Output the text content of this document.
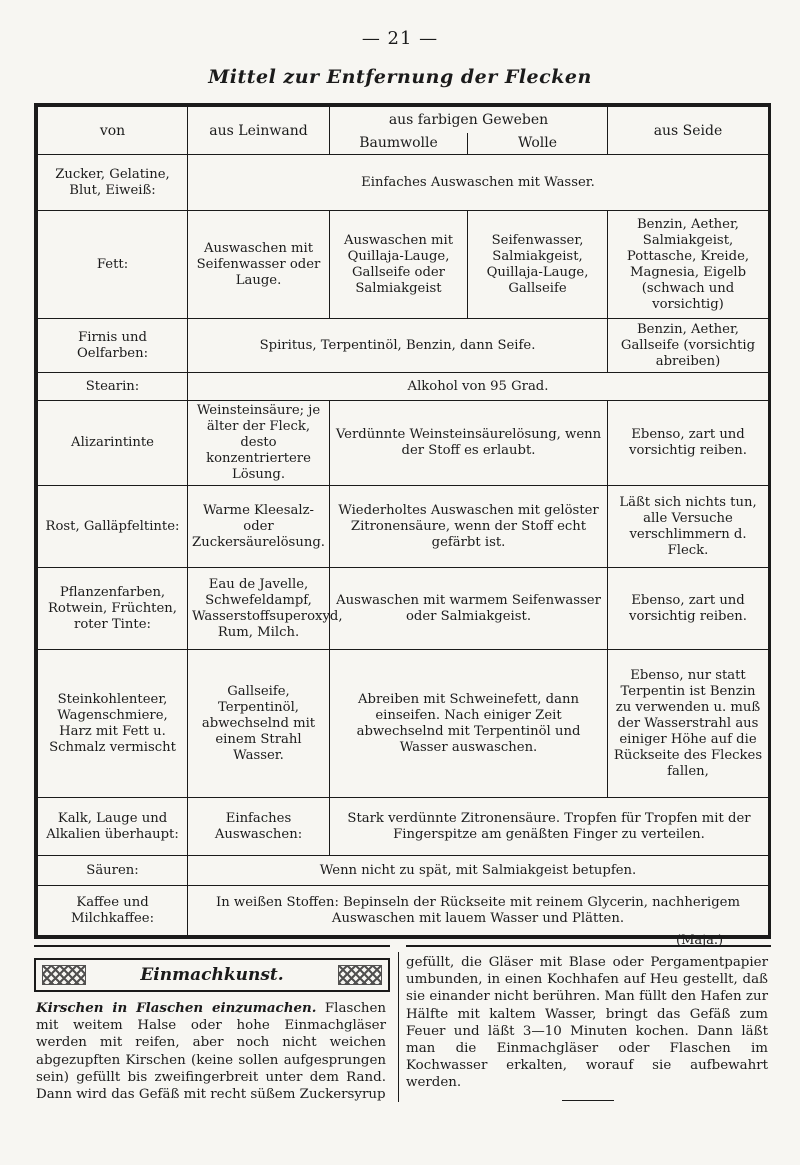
— 21 —
Mittel zur Entfernung der Flecken
von	aus Leinwand	aus farbigen Geweben		aus Seide
		Baumwolle	Wolle	
Zucker, Gelatine, Blut, Eiweiß:	Einfaches Auswaschen mit Wasser.			
Fett:	Auswaschen mit Seifenwasser oder Lauge.	Auswaschen mit Quillaja-Lauge, Gallseife oder Salmiakgeist	Seifenwasser, Salmiakgeist, Quillaja-Lauge, Gallseife	Benzin, Aether, Salmiakgeist, Pottasche, Kreide, Magnesia, Eigelb (schwach und vorsichtig)
Firnis und Oelfarben:	Spiritus, Terpentinöl, Benzin, dann Seife.			Benzin, Aether, Gallseife (vorsichtig abreiben)
Stearin:	Alkohol von 95 Grad.			
Alizarintinte	Weinsteinsäure; je älter der Fleck, desto konzentriertere Lösung.	Verdünnte Weinsteinsäurelösung, wenn der Stoff es erlaubt.		Ebenso, zart und vorsichtig reiben.
Rost, Galläpfeltinte:	Warme Kleesalz- oder Zuckersäurelösung.	Wiederholtes Auswaschen mit gelöster Zitronensäure, wenn der Stoff echt gefärbt ist.		Läßt sich nichts tun, alle Versuche verschlimmern d. Fleck.
Pflanzenfarben, Rotwein, Früchten, roter Tinte:	Eau de Javelle, Schwefeldampf, Wasserstoffsuperoxyd, Rum, Milch.	Auswaschen mit warmem Seifenwasser oder Salmiakgeist.		Ebenso, zart und vorsichtig reiben.
Steinkohlenteer, Wagenschmiere, Harz mit Fett u. Schmalz vermischt	Gallseife, Terpentinöl, abwechselnd mit einem Strahl Wasser.	Abreiben mit Schweinefett, dann einseifen. Nach einiger Zeit abwechselnd mit Terpentinöl und Wasser auswaschen.		Ebenso, nur statt Terpentin ist Benzin zu verwenden u. muß der Wasserstrahl aus einiger Höhe auf die Rückseite des Fleckes fallen,
Kalk, Lauge und Alkalien überhaupt:	Einfaches Auswaschen:	Stark verdünnte Zitronensäure. Tropfen für Tropfen mit der Fingerspitze am genäßten Finger zu verteilen.		
Säuren:	Wenn nicht zu spät, mit Salmiakgeist betupfen.			
Kaffee und Milchkaffee:	In weißen Stoffen: Bepinseln der Rückseite mit reinem Glycerin, nachherigem Auswaschen mit lauem Wasser und Plätten.			
(Maja.)
Einmachkunst.
Kirschen in Flaschen einzumachen. Flaschen mit weitem Halse oder hohe Einmachgläser werden mit reifen, aber noch nicht weichen abgezupften Kirschen (keine sollen aufgesprungen sein) gefüllt bis zweifingerbreit unter dem Rand. Dann wird das Gefäß mit recht süßem Zuckersyrup
gefüllt, die Gläser mit Blase oder Pergamentpapier umbunden, in einen Kochhafen auf Heu gestellt, daß sie einander nicht berühren. Man füllt den Hafen zur Hälfte mit kaltem Wasser, bringt das Gefäß zum Feuer und läßt 3—10 Minuten kochen. Dann läßt man die Einmachgläser oder Flaschen im Kochwasser erkalten, worauf sie aufbewahrt werden.
